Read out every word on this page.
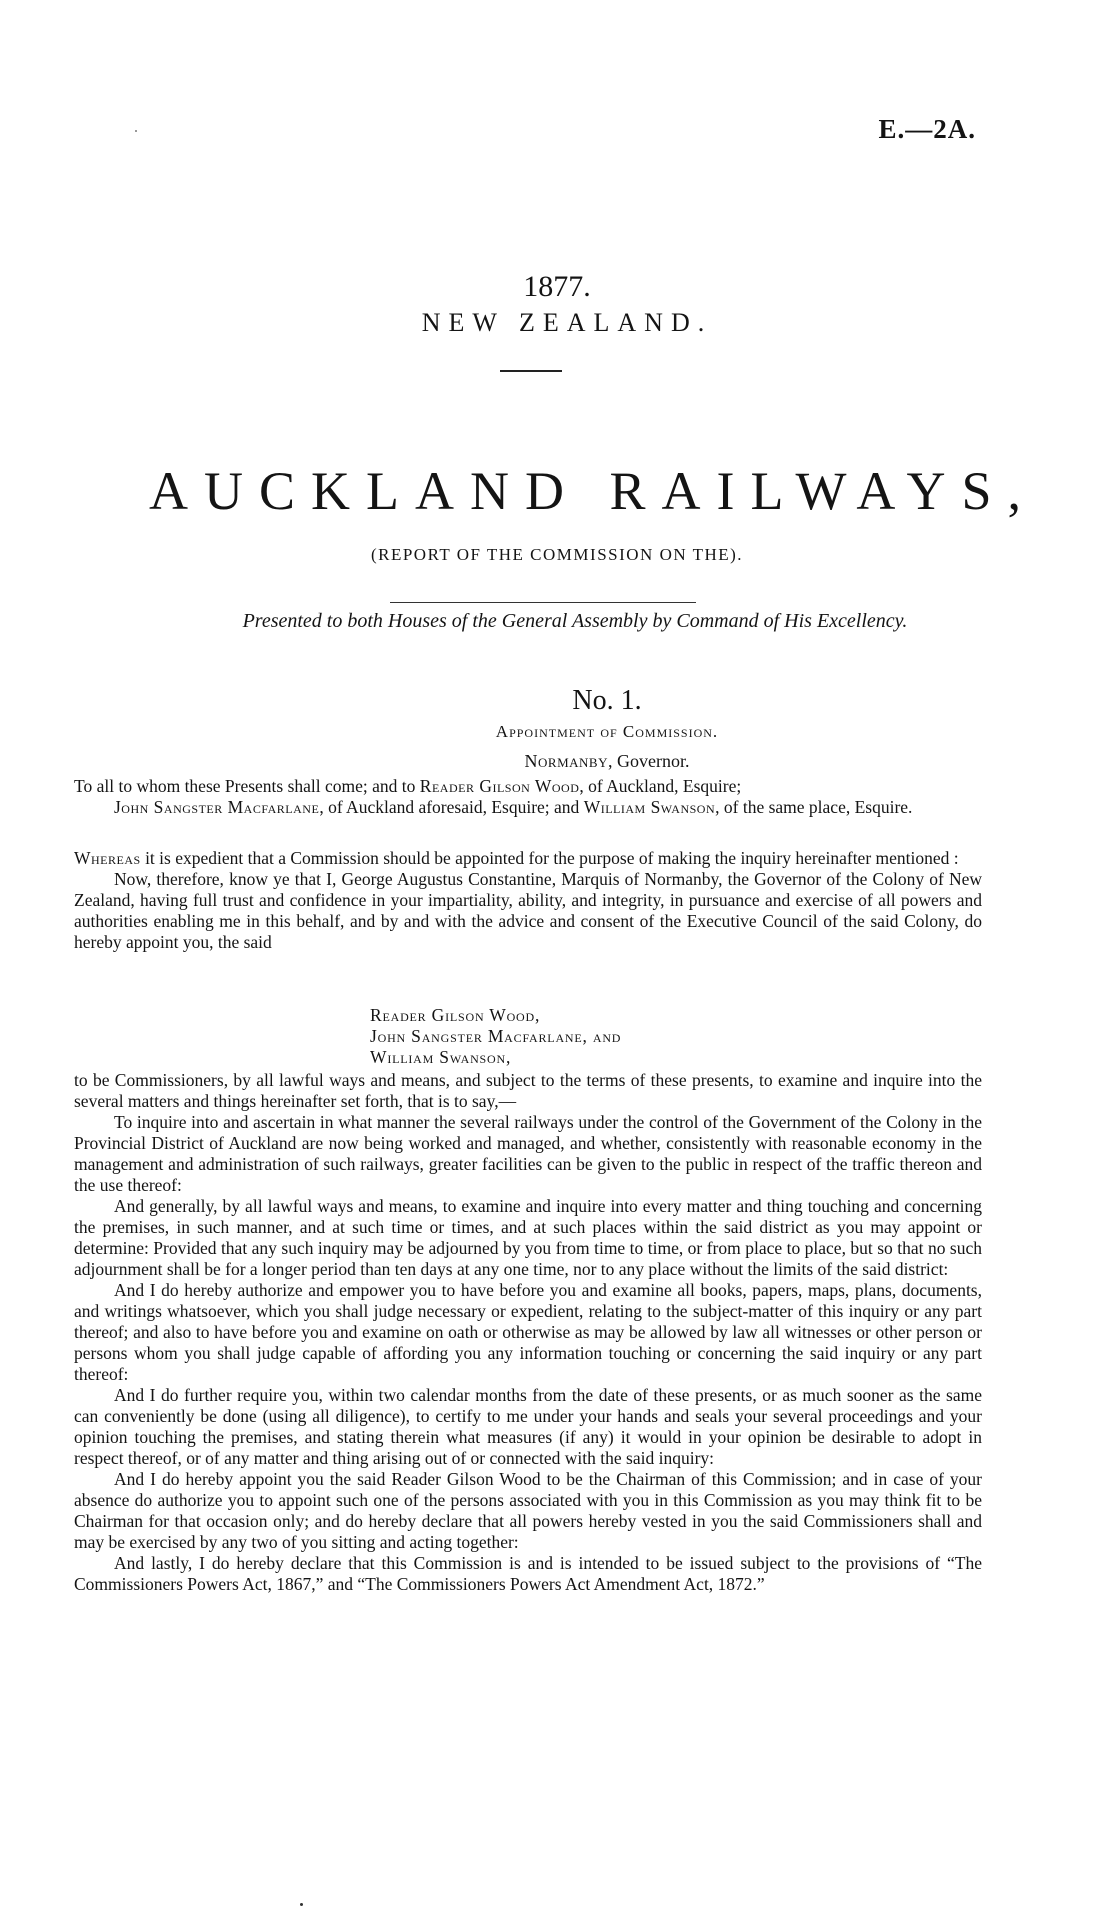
E.—2A.
1877.
NEW ZEALAND.
AUCKLAND RAILWAYS,
(REPORT OF THE COMMISSION ON THE).
Presented to both Houses of the General Assembly by Command of His Excellency.
No. 1.
Appointment of Commission.
Normanby, Governor.

To all to whom these Presents shall come; and to Reader Gilson Wood, of Auckland, Esquire;

John Sangster Macfarlane, of Auckland aforesaid, Esquire; and William Swanson, of the same place, Esquire.

Whereas it is expedient that a Commission should be appointed for the purpose of making the inquiry hereinafter mentioned :

Now, therefore, know ye that I, George Augustus Constantine, Marquis of Normanby, the Governor of the Colony of New Zealand, having full trust and confidence in your impartiality, ability, and integrity, in pursuance and exercise of all powers and authorities enabling me in this behalf, and by and with the advice and consent of the Executive Council of the said Colony, do hereby appoint you, the said

Reader Gilson Wood,
John Sangster Macfarlane, and
William Swanson,

to be Commissioners, by all lawful ways and means, and subject to the terms of these presents, to examine and inquire into the several matters and things hereinafter set forth, that is to say,—

To inquire into and ascertain in what manner the several railways under the control of the Government of the Colony in the Provincial District of Auckland are now being worked and managed, and whether, consistently with reasonable economy in the management and administration of such railways, greater facilities can be given to the public in respect of the traffic thereon and the use thereof:

And generally, by all lawful ways and means, to examine and inquire into every matter and thing touching and concerning the premises, in such manner, and at such time or times, and at such places within the said district as you may appoint or determine: Provided that any such inquiry may be adjourned by you from time to time, or from place to place, but so that no such adjournment shall be for a longer period than ten days at any one time, nor to any place without the limits of the said district:

And I do hereby authorize and empower you to have before you and examine all books, papers, maps, plans, documents, and writings whatsoever, which you shall judge necessary or expedient, relating to the subject-matter of this inquiry or any part thereof; and also to have before you and examine on oath or otherwise as may be allowed by law all witnesses or other person or persons whom you shall judge capable of affording you any information touching or concerning the said inquiry or any part thereof:

And I do further require you, within two calendar months from the date of these presents, or as much sooner as the same can conveniently be done (using all diligence), to certify to me under your hands and seals your several proceedings and your opinion touching the premises, and stating therein what measures (if any) it would in your opinion be desirable to adopt in respect thereof, or of any matter and thing arising out of or connected with the said inquiry:

And I do hereby appoint you the said Reader Gilson Wood to be the Chairman of this Commission; and in case of your absence do authorize you to appoint such one of the persons associated with you in this Commission as you may think fit to be Chairman for that occasion only; and do hereby declare that all powers hereby vested in you the said Commissioners shall and may be exercised by any two of you sitting and acting together:

And lastly, I do hereby declare that this Commission is and is intended to be issued subject to the provisions of “The Commissioners Powers Act, 1867,” and “The Commissioners Powers Act Amendment Act, 1872.”
